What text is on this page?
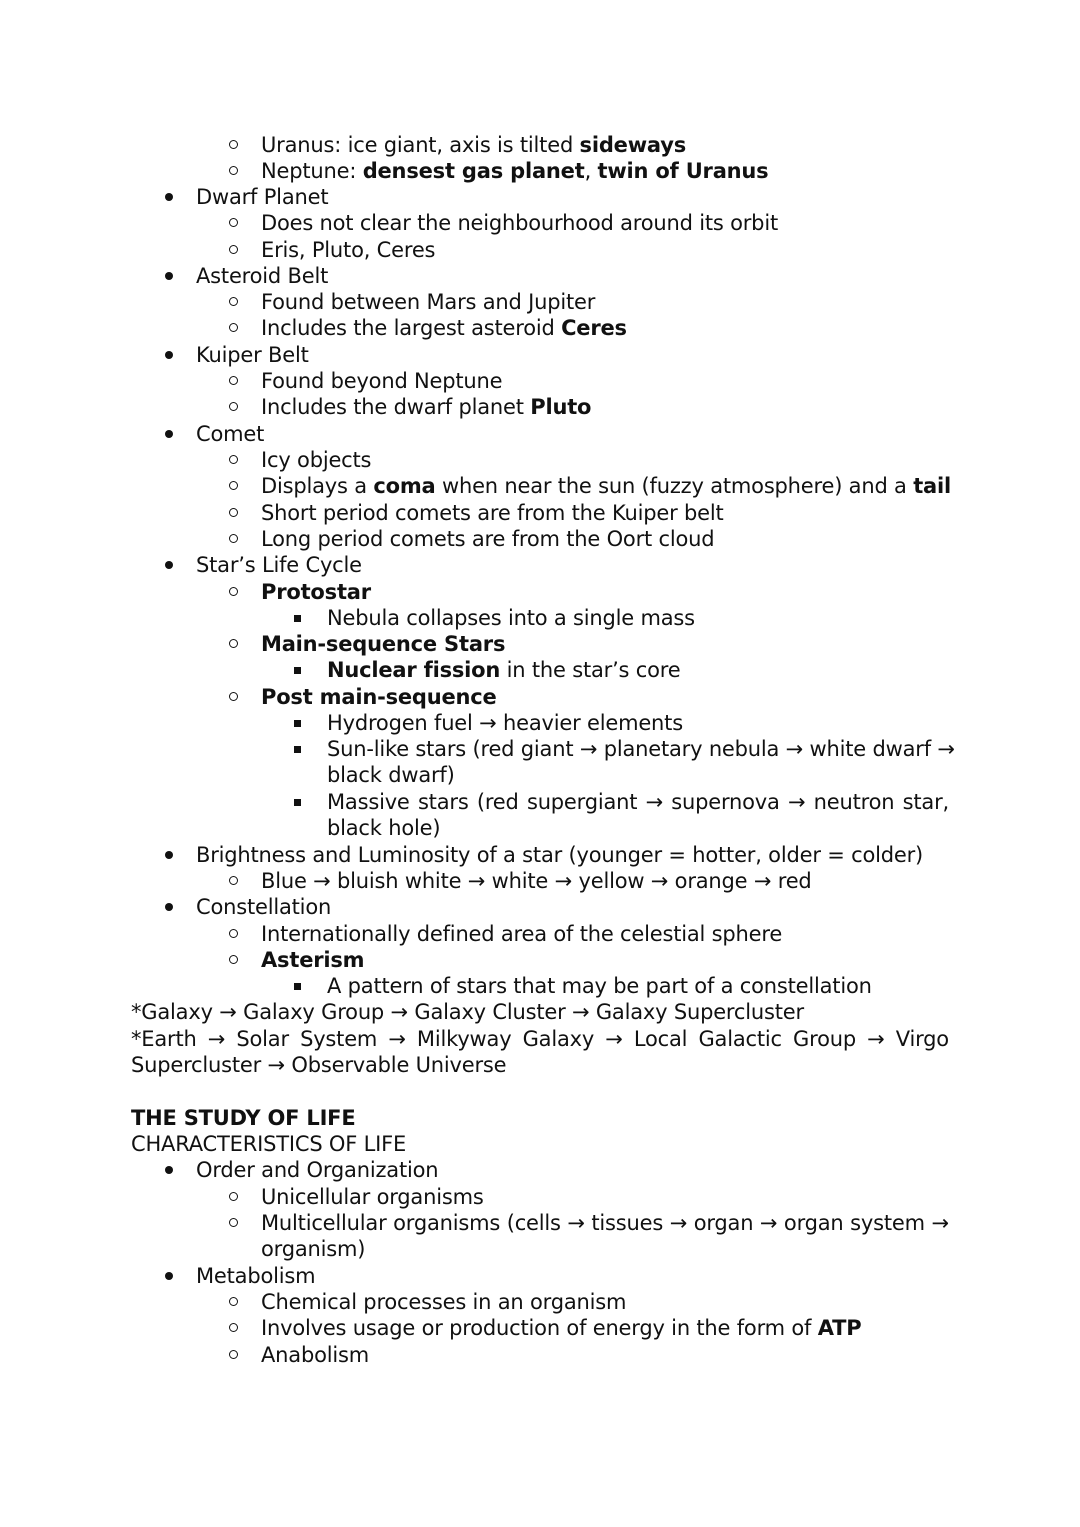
Uranus: ice giant, axis is tilted sideways
Neptune: densest gas planet, twin of Uranus
Dwarf Planet
Does not clear the neighbourhood around its orbit
Eris, Pluto, Ceres
Asteroid Belt
Found between Mars and Jupiter
Includes the largest asteroid Ceres
Kuiper Belt
Found beyond Neptune
Includes the dwarf planet Pluto
Comet
Icy objects
Displays a coma when near the sun (fuzzy atmosphere) and a tail
Short period comets are from the Kuiper belt
Long period comets are from the Oort cloud
Star’s Life Cycle
Protostar
Nebula collapses into a single mass
Main-sequence Stars
Nuclear fission in the star’s core
Post main-sequence
Hydrogen fuel → heavier elements
Sun-like stars (red giant → planetary nebula → white dwarf →
black dwarf)
Massive stars (red supergiant → supernova → neutron star,
black hole)
Brightness and Luminosity of a star (younger = hotter, older = colder)
Blue → bluish white → white → yellow → orange → red
Constellation
Internationally defined area of the celestial sphere
Asterism
A pattern of stars that may be part of a constellation
*Galaxy → Galaxy Group → Galaxy Cluster → Galaxy Supercluster
*Earth → Solar System → Milkyway Galaxy → Local Galactic Group → Virgo
Supercluster → Observable Universe
THE STUDY OF LIFE
CHARACTERISTICS OF LIFE
Order and Organization
Unicellular organisms
Multicellular organisms (cells → tissues → organ → organ system →
organism)
Metabolism
Chemical processes in an organism
Involves usage or production of energy in the form of ATP
Anabolism
